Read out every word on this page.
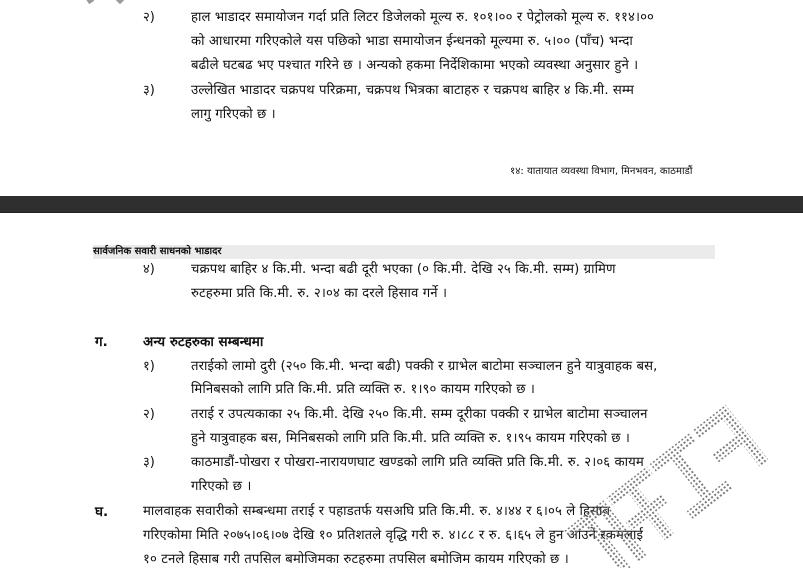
२)	हाल भाडादर समायोजन गर्दा प्रति लिटर डिजेलको मूल्य रु. १०१।०० र पेट्रोलको मूल्य रु. ११४।००
को आधारमा गरिएकोले यस पछिको भाडा समायोजन ईन्धनको मूल्यमा रु. ५।०० (पाँच) भन्दा
बढीले घटबढ भए पश्चात गरिने छ । अन्यको हकमा निर्देशिकामा भएको व्यवस्था अनुसार हुने ।
३)	उल्लेखित भाडादर चक्रपथ परिक्रमा, चक्रपथ भित्रका बाटाहरु र चक्रपथ बाहिर ४ कि.मी. सम्म
लागु गरिएको छ ।
१४: यातायात व्यवस्था विभाग, मिनभवन, काठमाडौं
सार्वजनिक सवारी साधनको भाडादर
४)	चक्रपथ बाहिर ४ कि.मी. भन्दा बढी दूरी भएका (० कि.मी. देखि २५ कि.मी. सम्म) ग्रामिण
रुटहरुमा प्रति कि.मी. रु. २।०४ का दरले हिसाव गर्ने ।
ग.	अन्य रुटहरुका सम्बन्धमा
१)	तराईको लामो दुरी (२५० कि.मी. भन्दा बढी) पक्की र ग्राभेल बाटोमा सञ्चालन हुने यात्रुवाहक बस,
मिनिबसको लागि प्रति कि.मी. प्रति व्यक्ति रु. १।९० कायम गरिएको छ ।
२)	तराई र उपत्यकाका २५ कि.मी. देखि २५० कि.मी. सम्म दूरीका पक्की र ग्राभेल बाटोमा सञ्चालन
हुने यात्रुवाहक बस, मिनिबसको लागि प्रति कि.मी. प्रति व्यक्ति रु. १।९५ कायम गरिएको छ ।
३)	काठमाडौं-पोखरा र पोखरा-नारायणघाट खण्डको लागि प्रति व्यक्ति प्रति कि.मी. रु. २।०६ कायम
गरिएको छ ।
घ.	मालवाहक सवारीको सम्बन्धमा तराई र पहाडतर्फ यसअघि प्रति कि.मी. रु. ४।४४ र ६।०५ ले हिसाब
गरिएकोमा मिति २०७५।०६।०७ देखि १० प्रतिशतले वृद्धि गरी रु. ४।८८ र रु. ६।६५ ले हुन आउने रकमलाई
१० टनले हिसाब गरी तपसिल बमोजिमका रुटहरुमा तपसिल बमोजिम कायम गरिएको छ ।
